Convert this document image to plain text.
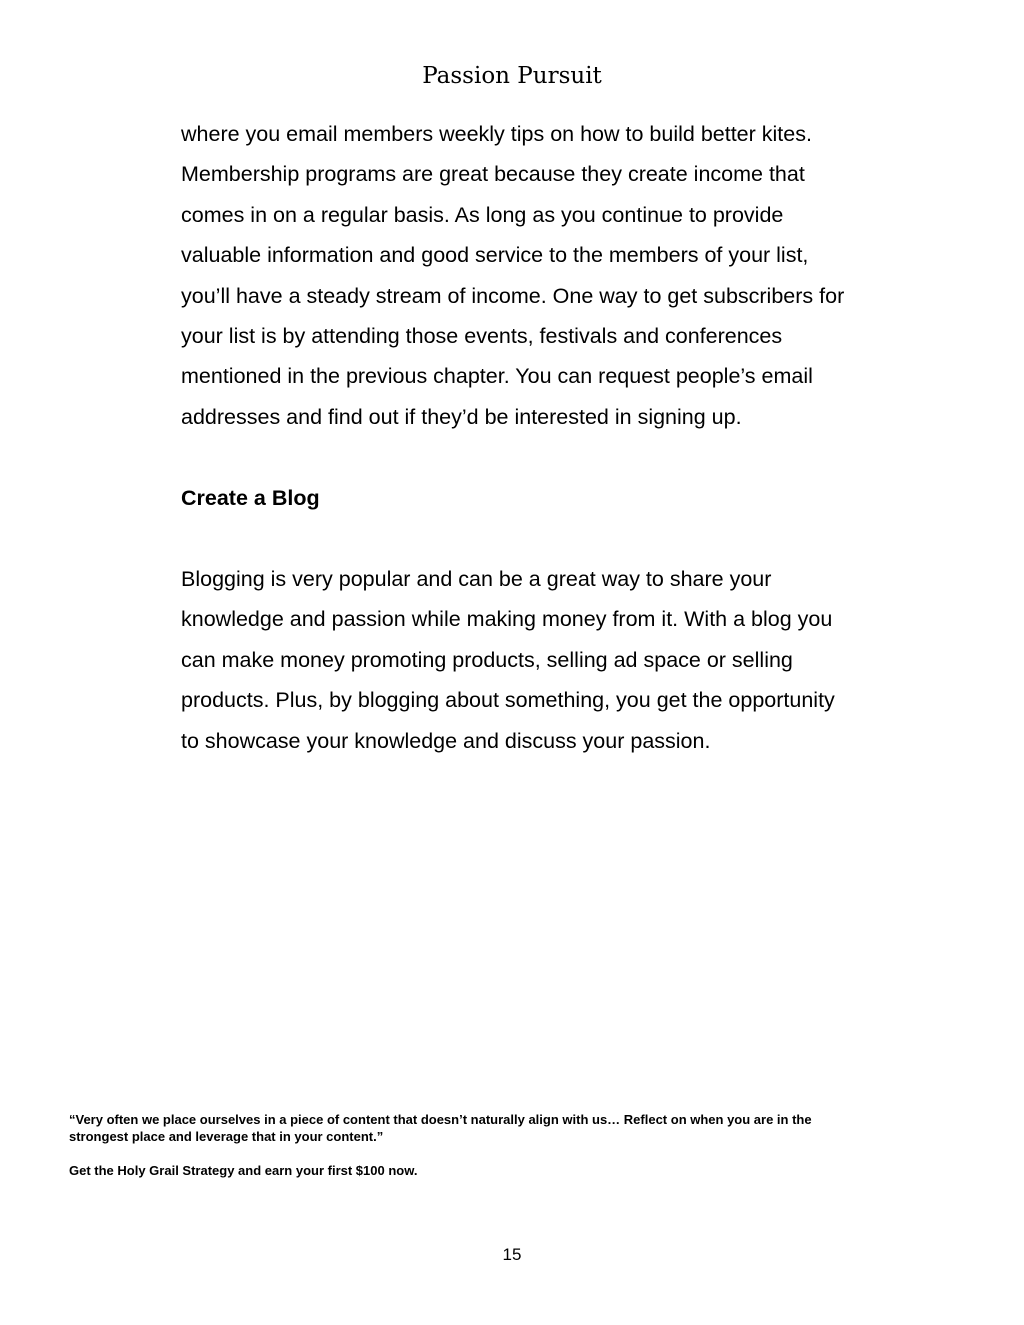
Passion Pursuit

where you email members weekly tips on how to build better kites.
Membership programs are great because they create income that
comes in on a regular basis. As long as you continue to provide
valuable information and good service to the members of your list,
you’ll have a steady stream of income. One way to get subscribers for
your list is by attending those events, festivals and conferences
mentioned in the previous chapter. You can request people’s email
addresses and find out if they’d be interested in signing up.

Create a Blog

Blogging is very popular and can be a great way to share your
knowledge and passion while making money from it. With a blog you
can make money promoting products, selling ad space or selling
products. Plus, by blogging about something, you get the opportunity
to showcase your knowledge and discuss your passion.

“Very often we place ourselves in a piece of content that doesn’t naturally align with us… Reflect on when you are in the
strongest place and leverage that in your content.”

Get the Holy Grail Strategy and earn your first $100 now.

15
